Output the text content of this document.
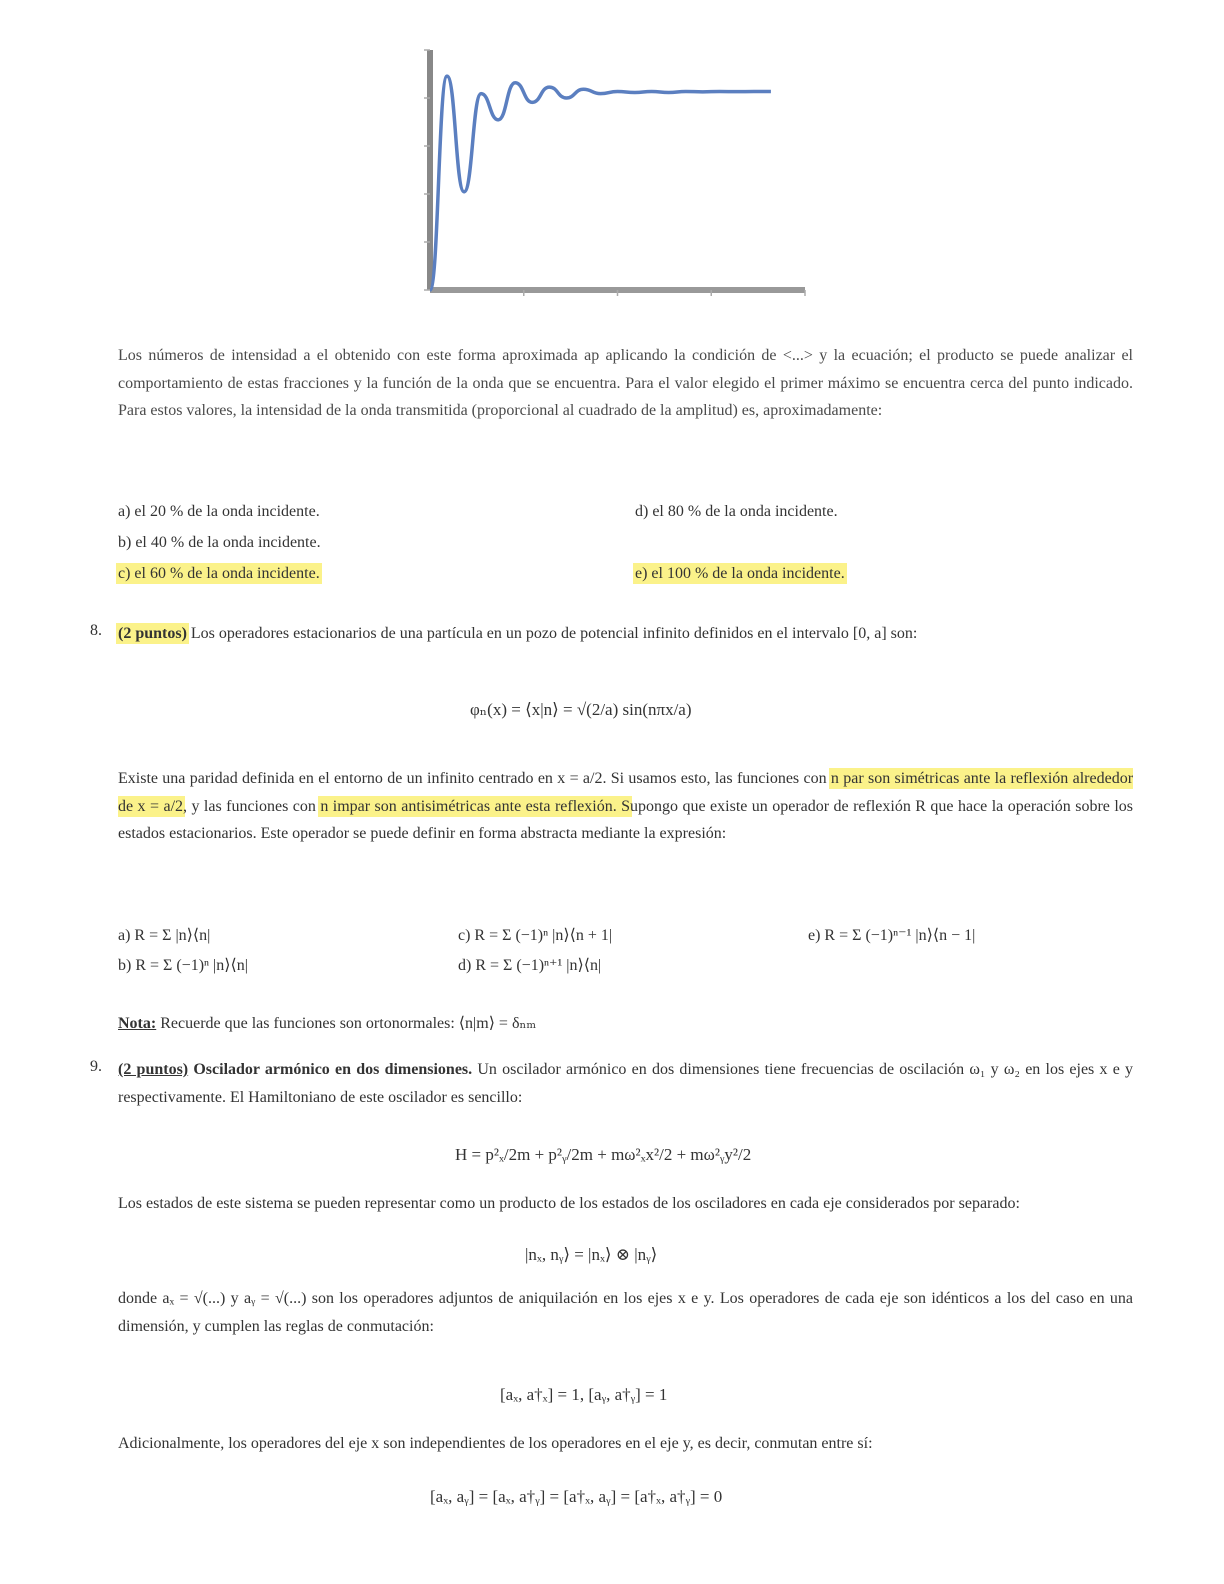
Los números de intensidad a el obtenido con este forma aproximada ap aplicando la condición de <...> y la ecuación; el producto se puede analizar el comportamiento de estas fracciones y la función de la onda que se encuentra. Para el valor elegido el primer máximo se encuentra cerca del punto indicado. Para estos valores, la intensidad de la onda transmitida (proporcional al cuadrado de la amplitud) es, aproximadamente:
a) el 20 % de la onda incidente.
b) el 40 % de la onda incidente.
c) el 60 % de la onda incidente.
d) el 80 % de la onda incidente.
e) el 100 % de la onda incidente.
8. (2 puntos) Los operadores estacionarios de una partícula en un pozo de potencial infinito definidos en el intervalo [0, a] son:
φₙ(x) = ⟨x|n⟩ = √(2/a) sin(nπx/a)
Existe una paridad definida en el entorno de un infinito centrado en x = a/2. Si usamos esto, las funciones con n par son simétricas ante la reflexión alrededor de x = a/2, y las funciones con n impar son antisimétricas ante esta reflexión. Supongo que existe un operador de reflexión R que hace la operación sobre los estados estacionarios. Este operador se puede definir en forma abstracta mediante la expresión:
a) R = Σ |n⟩⟨n|
b) R = Σ (−1)ⁿ |n⟩⟨n|
c) R = Σ (−1)ⁿ |n⟩⟨n + 1|
d) R = Σ (−1)ⁿ⁺¹ |n⟩⟨n|
e) R = Σ (−1)ⁿ⁻¹ |n⟩⟨n − 1|
Nota: Recuerde que las funciones son ortonormales: ⟨n|m⟩ = δₙₘ
9. (2 puntos) Oscilador armónico en dos dimensiones. Un oscilador armónico en dos dimensiones tiene frecuencias de oscilación ω₁ y ω₂ en los ejes x e y respectivamente. El Hamiltoniano de este oscilador es sencillo:
H = p²ₓ/2m + p²ᵧ/2m + mω²ₓx²/2 + mω²ᵧy²/2
Los estados de este sistema se pueden representar como un producto de los estados de los osciladores en cada eje considerados por separado:
|nₓ, nᵧ⟩ = |nₓ⟩ ⊗ |nᵧ⟩
donde aₓ = √(...) y aᵧ = √(...) son los operadores adjuntos de aniquilación en los ejes x e y. Los operadores de cada eje son idénticos a los del caso en una dimensión, y cumplen las reglas de conmutación:
[aₓ, a†ₓ] = 1, [aᵧ, a†ᵧ] = 1
Adicionalmente, los operadores del eje x son independientes de los operadores en el eje y, es decir, conmutan entre sí:
[aₓ, aᵧ] = [aₓ, a†ᵧ] = [a†ₓ, aᵧ] = [a†ₓ, a†ᵧ] = 0
